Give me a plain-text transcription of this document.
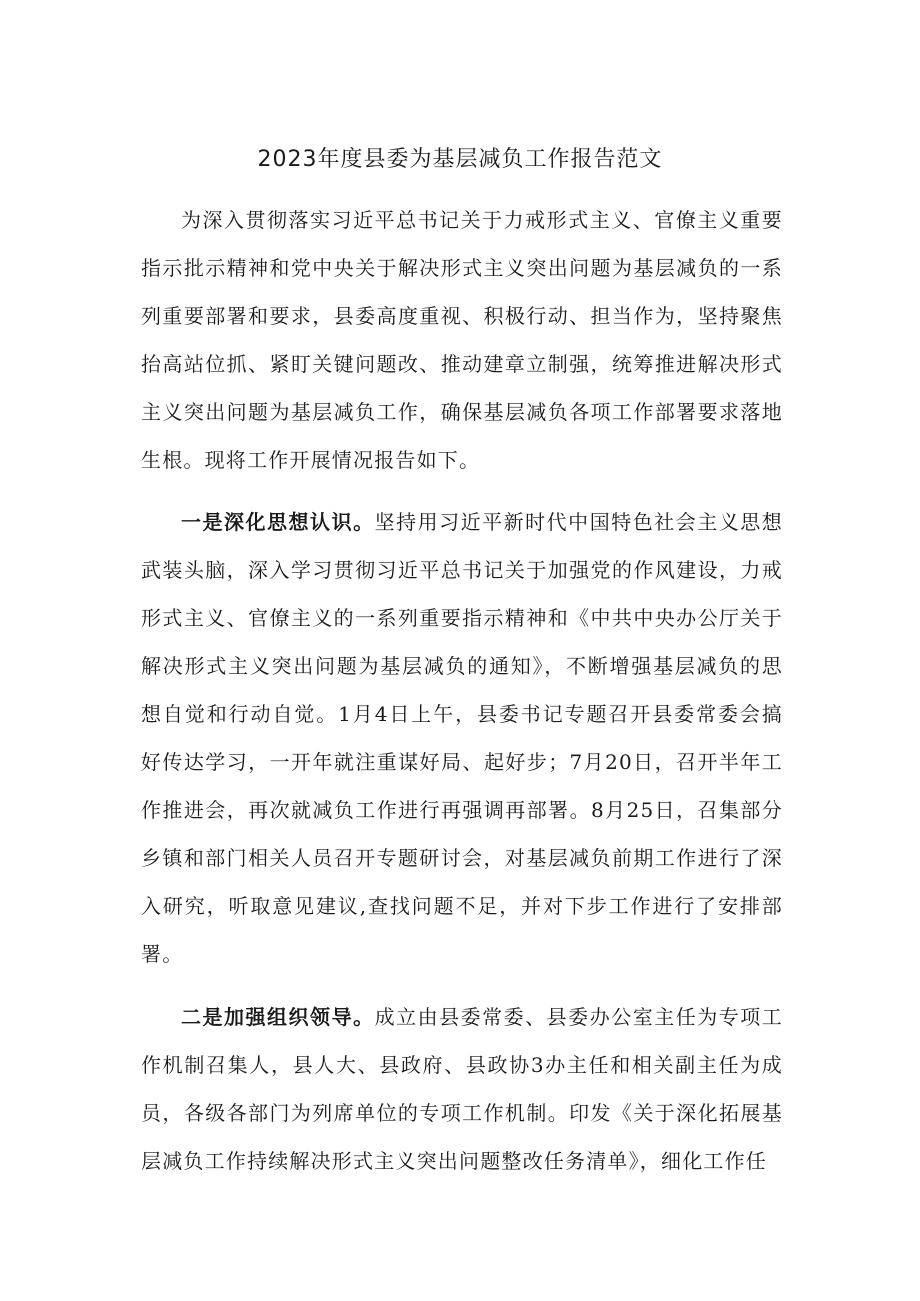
2023年度县委为基层减负工作报告范文

为深入贯彻落实习近平总书记关于力戒形式主义、官僚主义重要指示批示精神和党中央关于解决形式主义突出问题为基层减负的一系列重要部署和要求，县委高度重视、积极行动、担当作为，坚持聚焦抬高站位抓、紧盯关键问题改、推动建章立制强，统筹推进解决形式主义突出问题为基层减负工作，确保基层减负各项工作部署要求落地生根。现将工作开展情况报告如下。

一是深化思想认识。坚持用习近平新时代中国特色社会主义思想武装头脑，深入学习贯彻习近平总书记关于加强党的作风建设，力戒形式主义、官僚主义的一系列重要指示精神和《中共中央办公厅关于解决形式主义突出问题为基层减负的通知》，不断增强基层减负的思想自觉和行动自觉。1月4日上午，县委书记专题召开县委常委会搞好传达学习，一开年就注重谋好局、起好步；7月20日，召开半年工作推进会，再次就减负工作进行再强调再部署。8月25日，召集部分乡镇和部门相关人员召开专题研讨会，对基层减负前期工作进行了深入研究，听取意见建议,查找问题不足，并对下步工作进行了安排部署。

二是加强组织领导。成立由县委常委、县委办公室主任为专项工作机制召集人，县人大、县政府、县政协3办主任和相关副主任为成员，各级各部门为列席单位的专项工作机制。印发《关于深化拓展基层减负工作持续解决形式主义突出问题整改任务清单》，细化工作任
